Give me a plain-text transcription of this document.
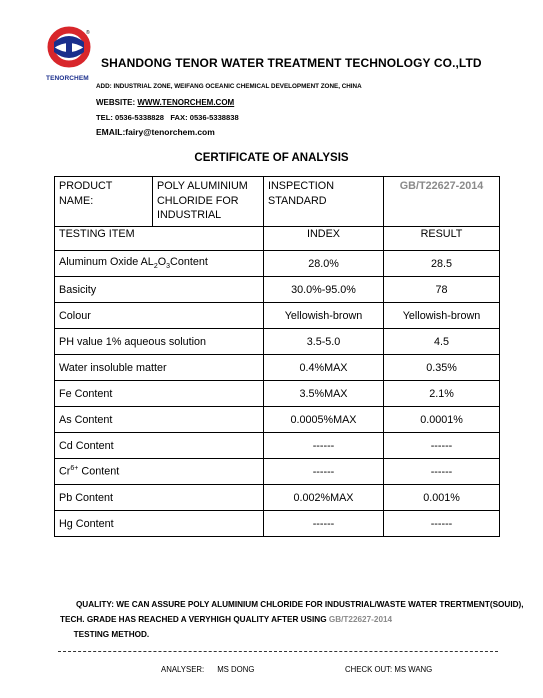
®
TENORCHEM
SHANDONG TENOR WATER TREATMENT TECHNOLOGY CO.,LTD
ADD: INDUSTRIAL ZONE, WEIFANG OCEANIC CHEMICAL DEVELOPMENT ZONE, CHINA
WEBSITE: WWW.TENORCHEM.COM
TEL: 0536-5338828 FAX: 0536-5338838
EMAIL:fairy@tenorchem.com
CERTIFICATE OF ANALYSIS
PRODUCT NAME:	POLY ALUMINIUM CHLORIDE FOR INDUSTRIAL	INSPECTION STANDARD	GB/T22627-2014
TESTING ITEM		INDEX	RESULT
Aluminum Oxide $AL_2O_3Content$		28.0%	28.5
Basicity		30.0%-95.0%	78
Colour		Yellowish-brown	Yellowish-brown
PH value 1% aqueous solution		3.5-5.0	4.5
Water insoluble matter		0.4%MAX	0.35%
Fe Content		3.5%MAX	2.1%
As Content		0.0005%MAX	0.0001%
Cd Content		------	------
$Cr^{6+}$ Content		------	------
Pb Content		0.002%MAX	0.001%
Hg Content		------	------
QUALITY: WE CAN ASSURE POLY ALUMINIUM CHLORIDE FOR INDUSTRIAL/WASTE WATER TRERTMENT(SOUID), TECH. GRADE HAS REACHED A VERYHIGH QUALITY AFTER USING GB/T22627-2014
TESTING METHOD.
ANALYSER: MS DONG	CHECK OUT: MS WANG
